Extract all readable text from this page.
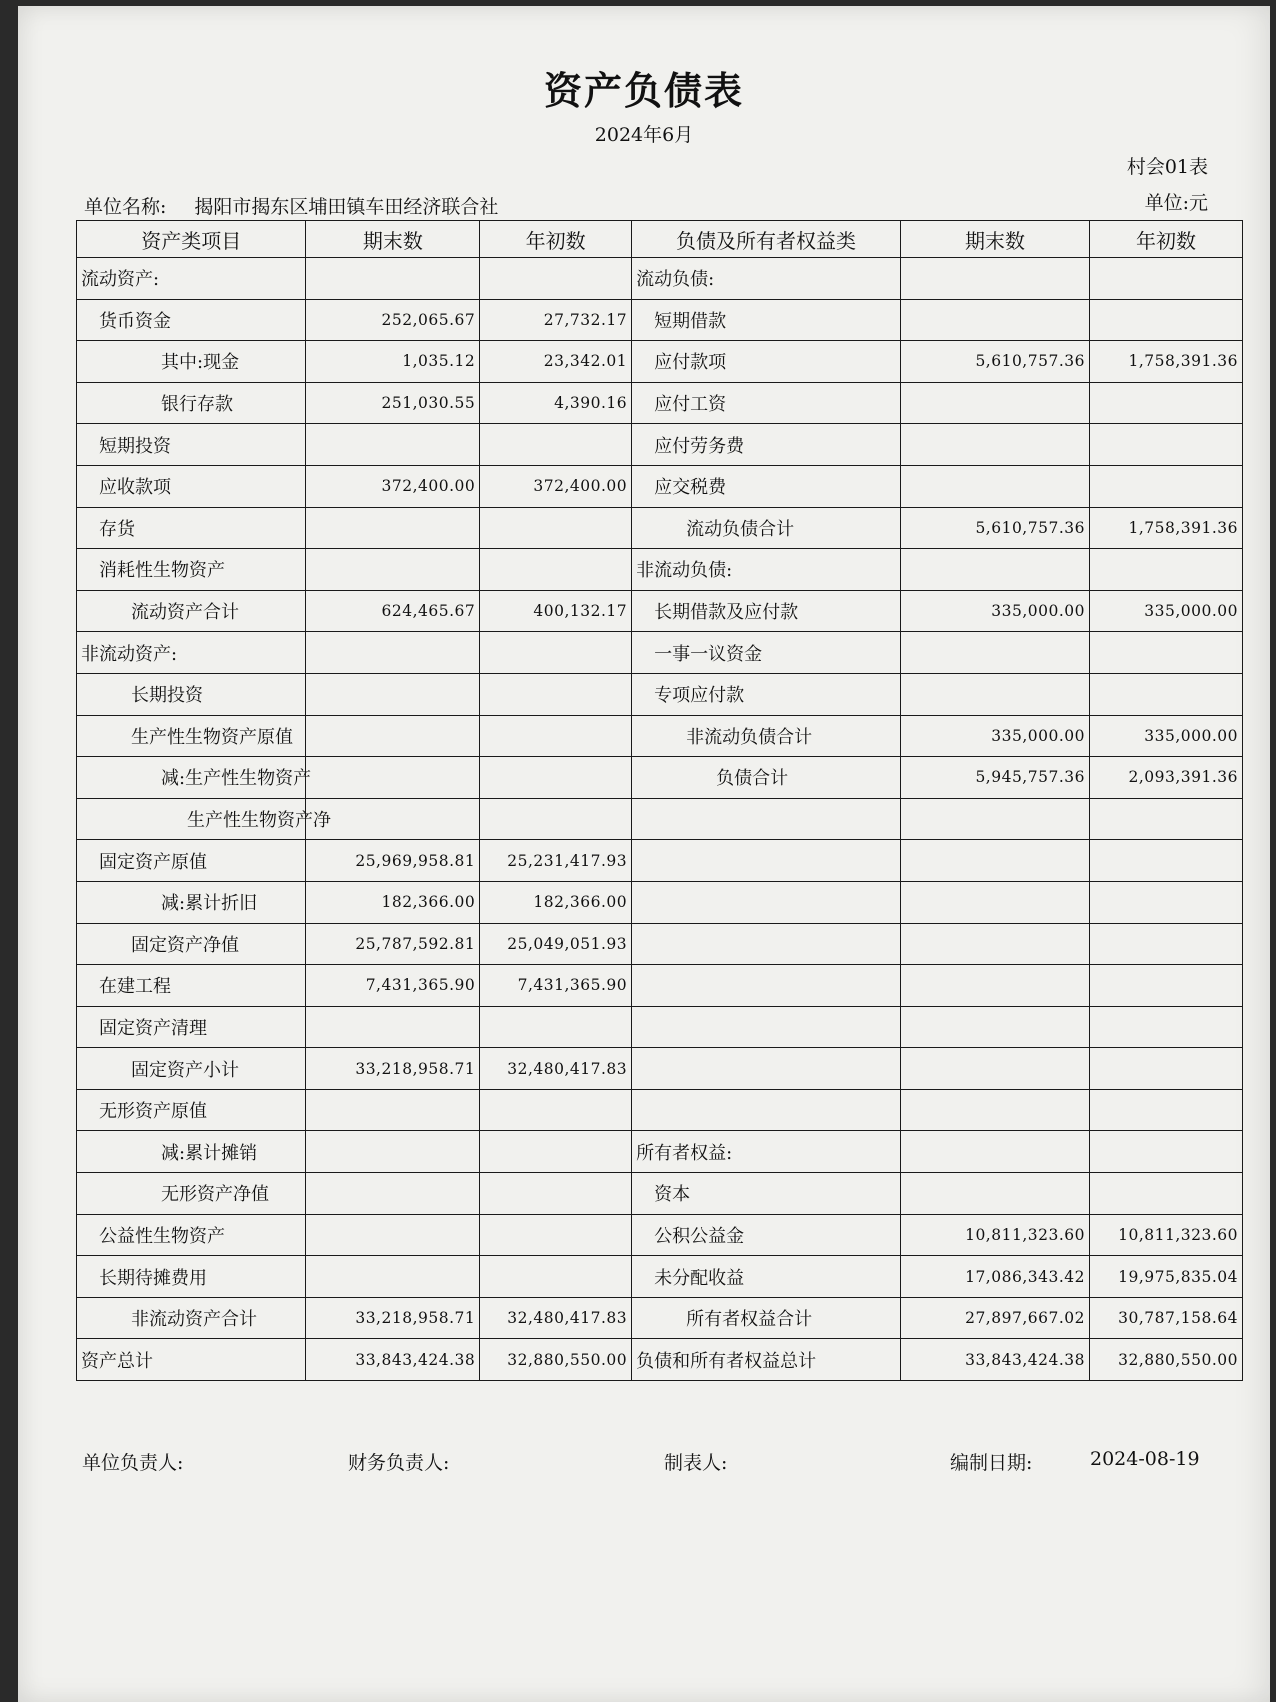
资产负债表
2024年6月
村会01表
单位名称: 揭阳市揭东区埔田镇车田经济联合社	单位:元
资产类项目	期末数	年初数	负债及所有者权益类	期末数	年初数
流动资产:			流动负债:		
货币资金	252,065.67	27,732.17	短期借款		
其中:现金	1,035.12	23,342.01	应付款项	5,610,757.36	1,758,391.36
银行存款	251,030.55	4,390.16	应付工资		
短期投资			应付劳务费		
应收款项	372,400.00	372,400.00	应交税费		
存货			流动负债合计	5,610,757.36	1,758,391.36
消耗性生物资产			非流动负债:		
流动资产合计	624,465.67	400,132.17	长期借款及应付款	335,000.00	335,000.00
非流动资产:			一事一议资金		
长期投资			专项应付款		
生产性生物资产原值			非流动负债合计	335,000.00	335,000.00
减:生产性生物资产			负债合计	5,945,757.36	2,093,391.36
生产性生物资产净					
固定资产原值	25,969,958.81	25,231,417.93			
减:累计折旧	182,366.00	182,366.00			
固定资产净值	25,787,592.81	25,049,051.93			
在建工程	7,431,365.90	7,431,365.90			
固定资产清理					
固定资产小计	33,218,958.71	32,480,417.83			
无形资产原值					
减:累计摊销			所有者权益:		
无形资产净值			资本		
公益性生物资产			公积公益金	10,811,323.60	10,811,323.60
长期待摊费用			未分配收益	17,086,343.42	19,975,835.04
非流动资产合计	33,218,958.71	32,480,417.83	所有者权益合计	27,897,667.02	30,787,158.64
资产总计	33,843,424.38	32,880,550.00	负债和所有者权益总计	33,843,424.38	32,880,550.00
单位负责人:	财务负责人:	制表人:	编制日期:	2024-08-19
